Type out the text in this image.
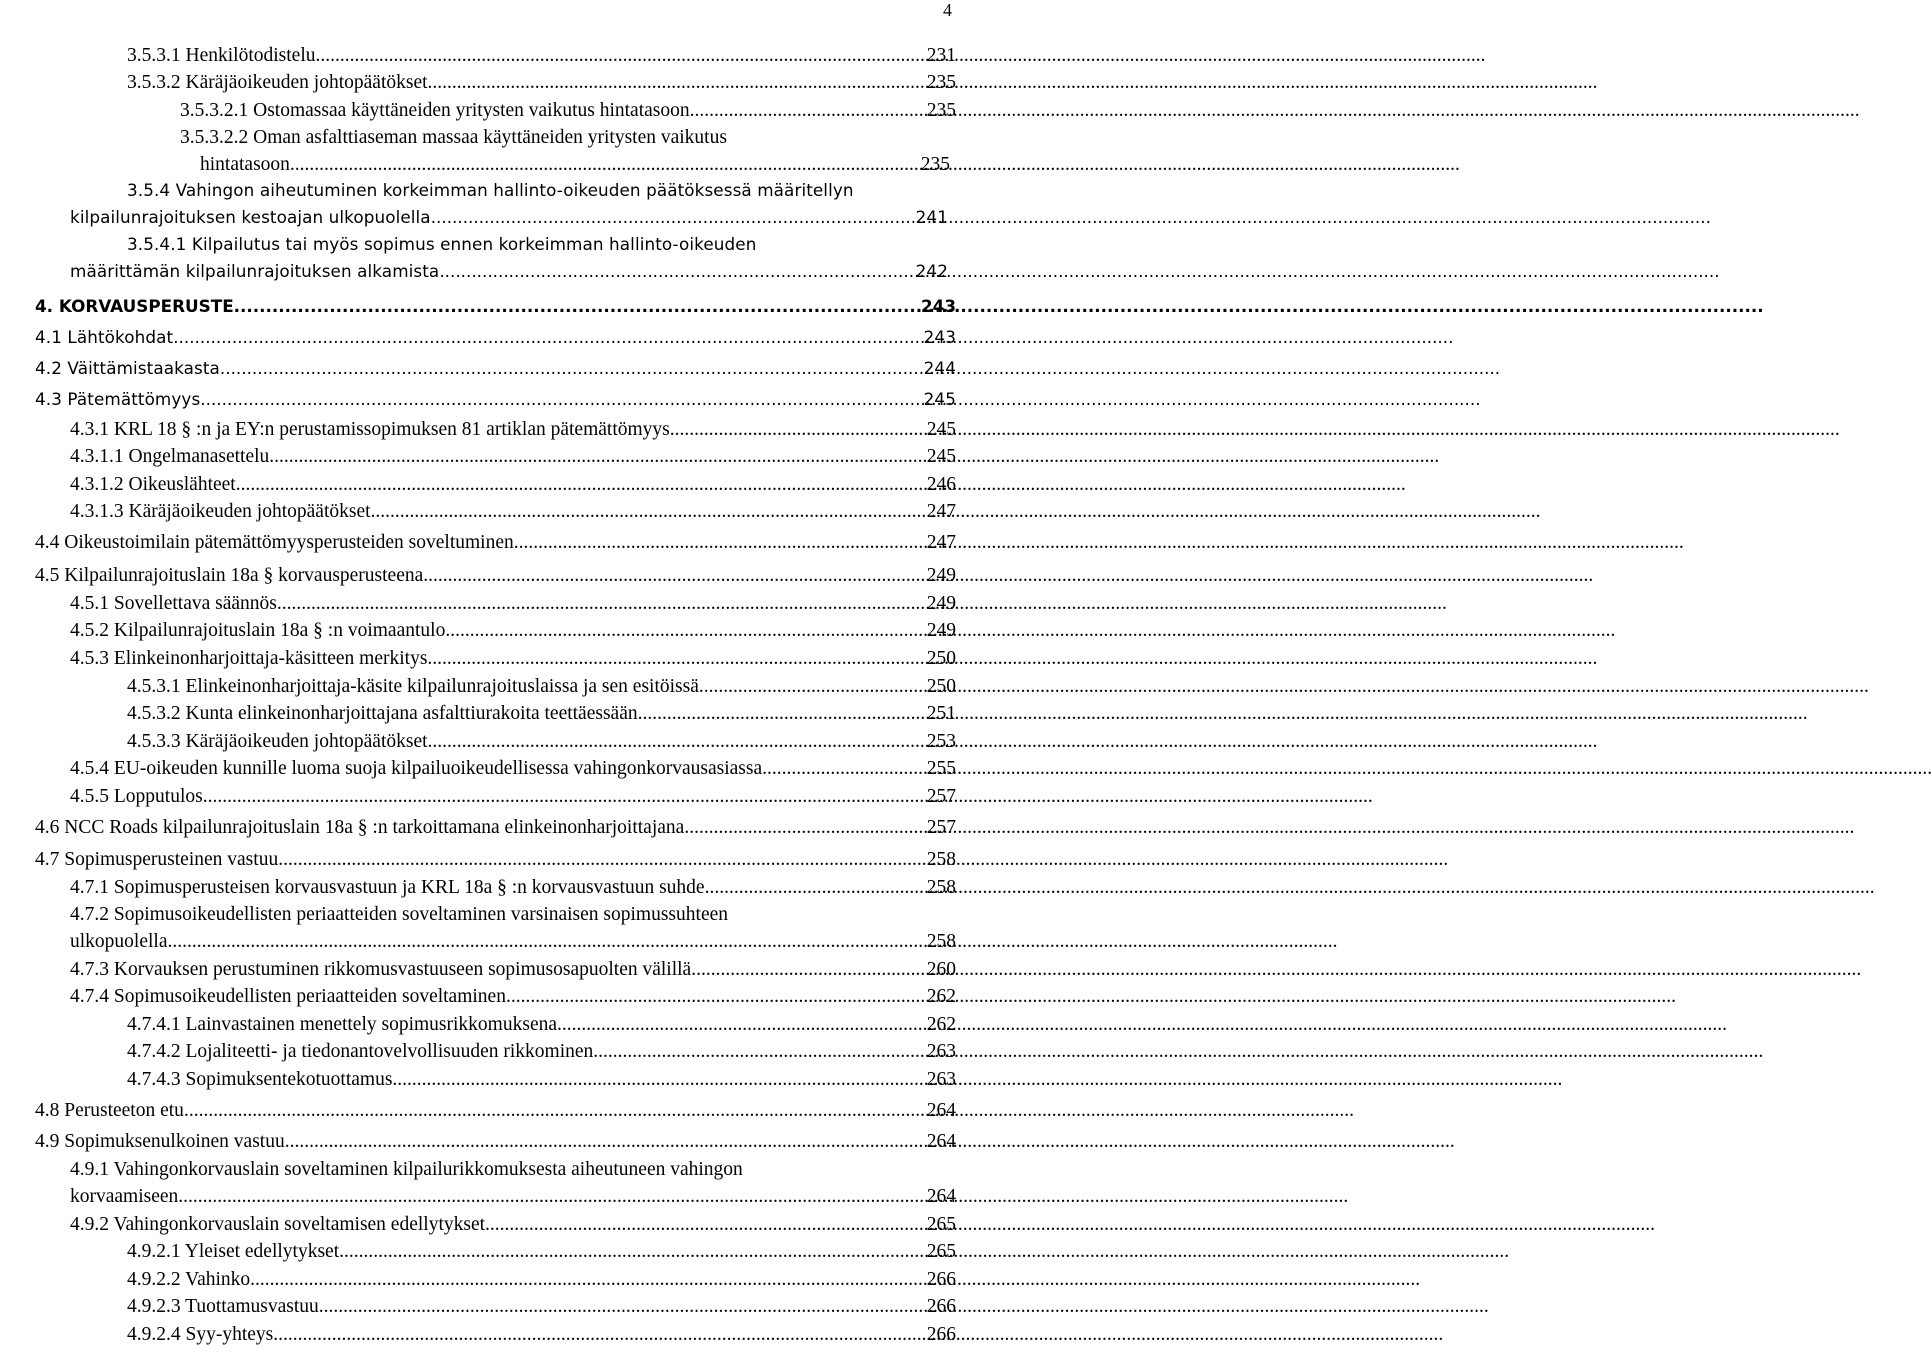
4
3.5.3.1 Henkilötodistelu .....	231
3.5.3.2 Käräjäoikeuden johtopäätökset .....	235
3.5.3.2.1 Ostomassaa käyttäneiden yritysten vaikutus hintatasoon .....	235
3.5.3.2.2 Oman asfalttiaseman massaa käyttäneiden yritysten vaikutus
hintatasoon .....	235
3.5.4 Vahingon aiheutuminen korkeimman hallinto-oikeuden päätöksessä määritellyn
kilpailunrajoituksen kestoajan ulkopuolella .....	241
3.5.4.1 Kilpailutus tai myös sopimus ennen korkeimman hallinto-oikeuden
määrittämän kilpailunrajoituksen alkamista .....	242
4. KORVAUSPERUSTE .....	243
4.1 Lähtökohdat .....	243
4.2 Väittämistaakasta .....	244
4.3 Pätemättömyys .....	245
4.3.1 KRL 18 § :n ja EY:n perustamissopimuksen 81 artiklan pätemättömyys .....	245
4.3.1.1 Ongelmanasettelu .....	245
4.3.1.2 Oikeuslähteet .....	246
4.3.1.3 Käräjäoikeuden johtopäätökset .....	247
4.4 Oikeustoimilain pätemättömyysperusteiden soveltuminen .....	247
4.5 Kilpailunrajoituslain 18a § korvausperusteena .....	249
4.5.1 Sovellettava säännös .....	249
4.5.2 Kilpailunrajoituslain 18a § :n voimaantulo .....	249
4.5.3 Elinkeinonharjoittaja-käsitteen merkitys .....	250
4.5.3.1 Elinkeinonharjoittaja-käsite kilpailunrajoituslaissa ja sen esitöissä .....	250
4.5.3.2 Kunta elinkeinonharjoittajana asfalttiurakoita teettäessään .....	251
4.5.3.3 Käräjäoikeuden johtopäätökset .....	253
4.5.4 EU-oikeuden kunnille luoma suoja kilpailuoikeudellisessa vahingonkorvausasiassa .....	255
4.5.5 Lopputulos .....	257
4.6 NCC Roads kilpailunrajoituslain 18a § :n tarkoittamana elinkeinonharjoittajana .....	257
4.7 Sopimusperusteinen vastuu .....	258
4.7.1 Sopimusperusteisen korvausvastuun ja KRL 18a § :n korvausvastuun suhde .....	258
4.7.2 Sopimusoikeudellisten periaatteiden soveltaminen varsinaisen sopimussuhteen
ulkopuolella .....	258
4.7.3 Korvauksen perustuminen rikkomusvastuuseen sopimusosapuolten välillä .....	260
4.7.4 Sopimusoikeudellisten periaatteiden soveltaminen .....	262
4.7.4.1 Lainvastainen menettely sopimusrikkomuksena .....	262
4.7.4.2 Lojaliteetti- ja tiedonantovelvollisuuden rikkominen .....	263
4.7.4.3 Sopimuksentekotuottamus .....	263
4.8 Perusteeton etu .....	264
4.9 Sopimuksenulkoinen vastuu .....	264
4.9.1 Vahingonkorvauslain soveltaminen kilpailurikkomuksesta aiheutuneen vahingon
korvaamiseen .....	264
4.9.2 Vahingonkorvauslain soveltamisen edellytykset .....	265
4.9.2.1 Yleiset edellytykset .....	265
4.9.2.2 Vahinko .....	266
4.9.2.3 Tuottamusvastuu .....	266
4.9.2.4 Syy-yhteys .....	266
